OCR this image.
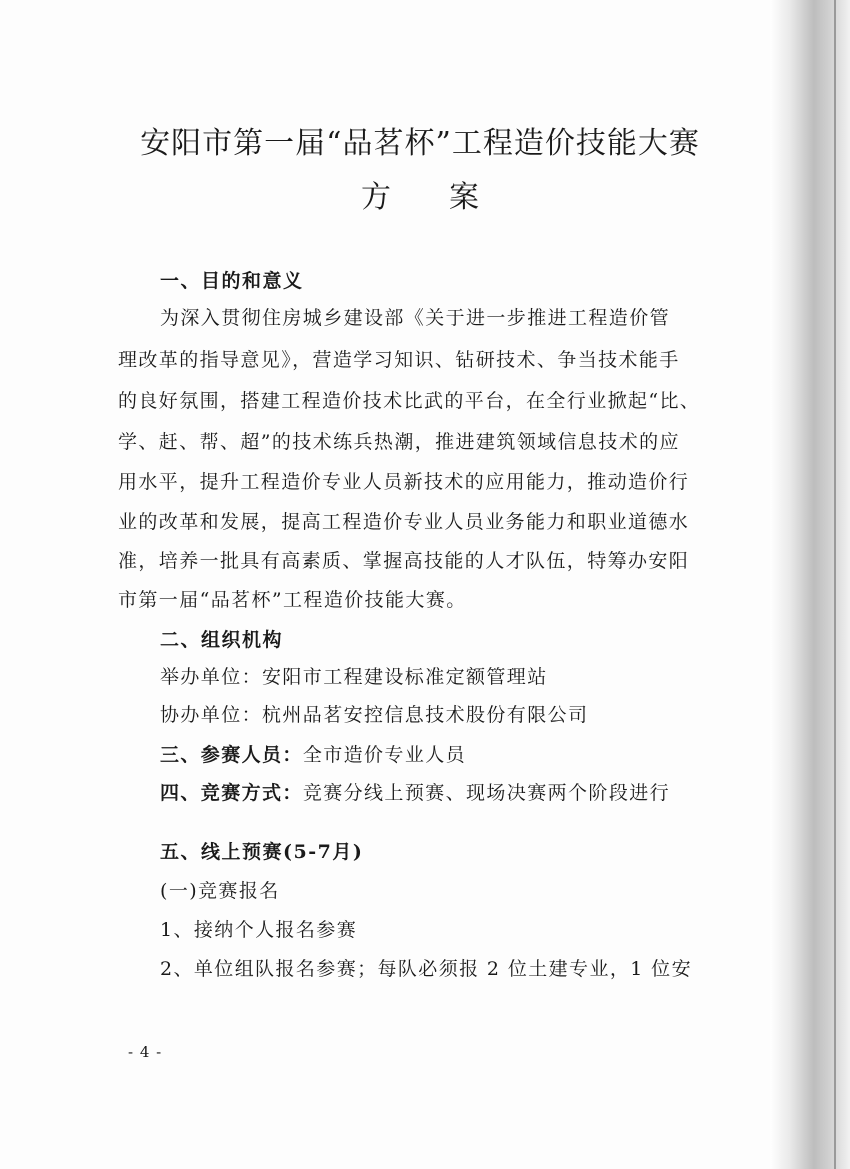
安阳市第一届“品茗杯”工程造价技能大赛
方案
一、目的和意义
为深入贯彻住房城乡建设部《关于进一步推进工程造价管
理改革的指导意见》，营造学习知识、钻研技术、争当技术能手
的良好氛围，搭建工程造价技术比武的平台，在全行业掀起“比、
学、赶、帮、超”的技术练兵热潮，推进建筑领域信息技术的应
用水平，提升工程造价专业人员新技术的应用能力，推动造价行
业的改革和发展，提高工程造价专业人员业务能力和职业道德水
准，培养一批具有高素质、掌握高技能的人才队伍，特筹办安阳
市第一届“品茗杯”工程造价技能大赛。
二、组织机构
举办单位：安阳市工程建设标准定额管理站
协办单位：杭州品茗安控信息技术股份有限公司
三、参赛人员：全市造价专业人员
四、竞赛方式：竞赛分线上预赛、现场决赛两个阶段进行
五、线上预赛(5-7月)
(一)竞赛报名
1、接纳个人报名参赛
2、单位组队报名参赛；每队必须报 2 位土建专业，1 位安
- 4 -
